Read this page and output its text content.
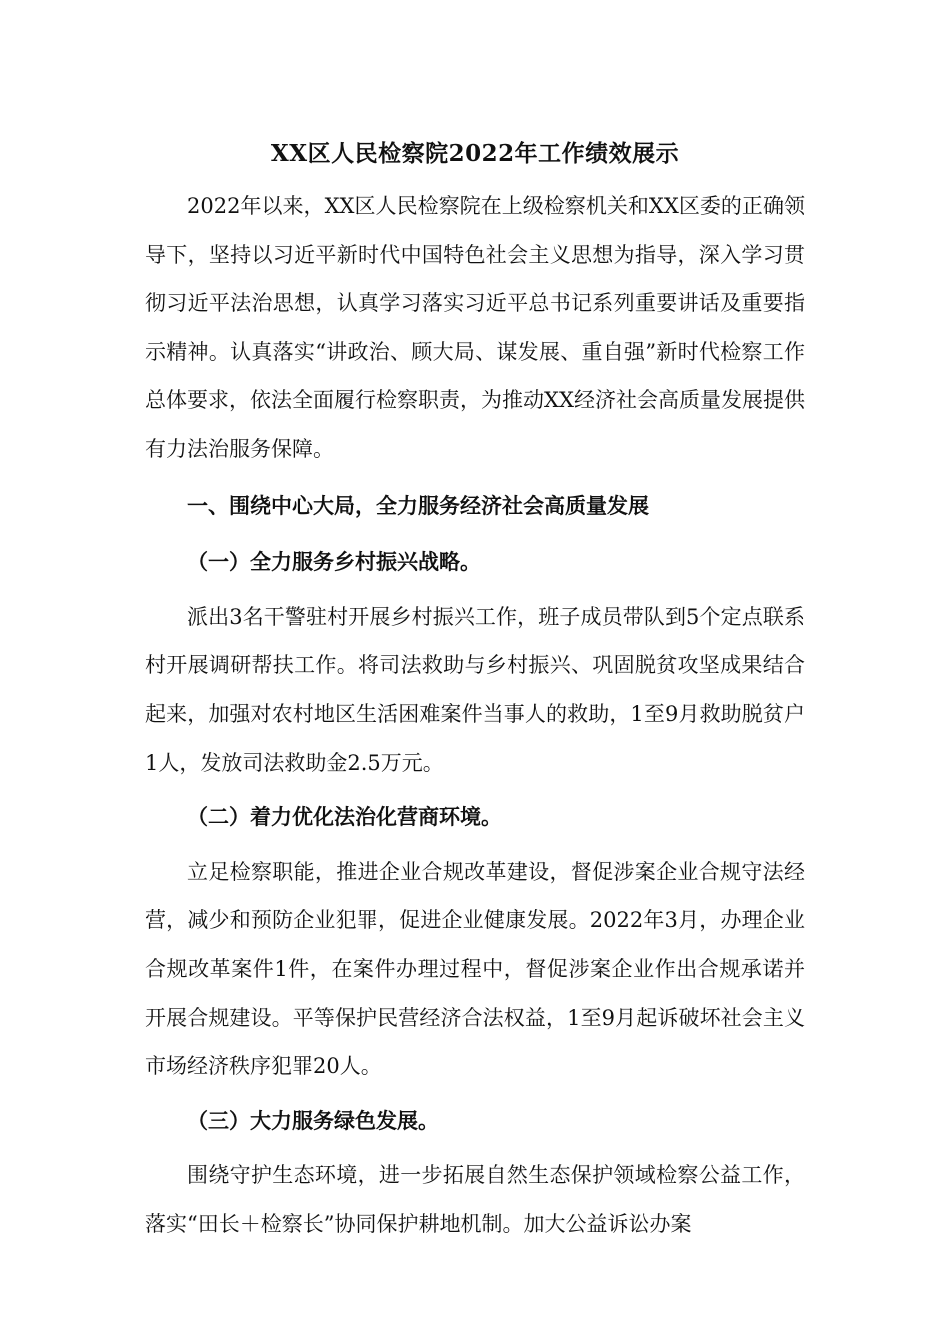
XX区人民检察院2022年工作绩效展示

2022年以来，XX区人民检察院在上级检察机关和XX区委的正确领导下，坚持以习近平新时代中国特色社会主义思想为指导，深入学习贯彻习近平法治思想，认真学习落实习近平总书记系列重要讲话及重要指示精神。认真落实“讲政治、顾大局、谋发展、重自强”新时代检察工作总体要求，依法全面履行检察职责，为推动XX经济社会高质量发展提供有力法治服务保障。

一、围绕中心大局，全力服务经济社会高质量发展

（一）全力服务乡村振兴战略。

派出3名干警驻村开展乡村振兴工作，班子成员带队到5个定点联系村开展调研帮扶工作。将司法救助与乡村振兴、巩固脱贫攻坚成果结合起来，加强对农村地区生活困难案件当事人的救助，1至9月救助脱贫户1人，发放司法救助金2.5万元。

（二）着力优化法治化营商环境。

立足检察职能，推进企业合规改革建设，督促涉案企业合规守法经营，减少和预防企业犯罪，促进企业健康发展。2022年3月，办理企业合规改革案件1件，在案件办理过程中，督促涉案企业作出合规承诺并开展合规建设。平等保护民营经济合法权益，1至9月起诉破坏社会主义市场经济秩序犯罪20人。

（三）大力服务绿色发展。

围绕守护生态环境，进一步拓展自然生态保护领域检察公益工作，落实“田长＋检察长”协同保护耕地机制。加大公益诉讼办案
